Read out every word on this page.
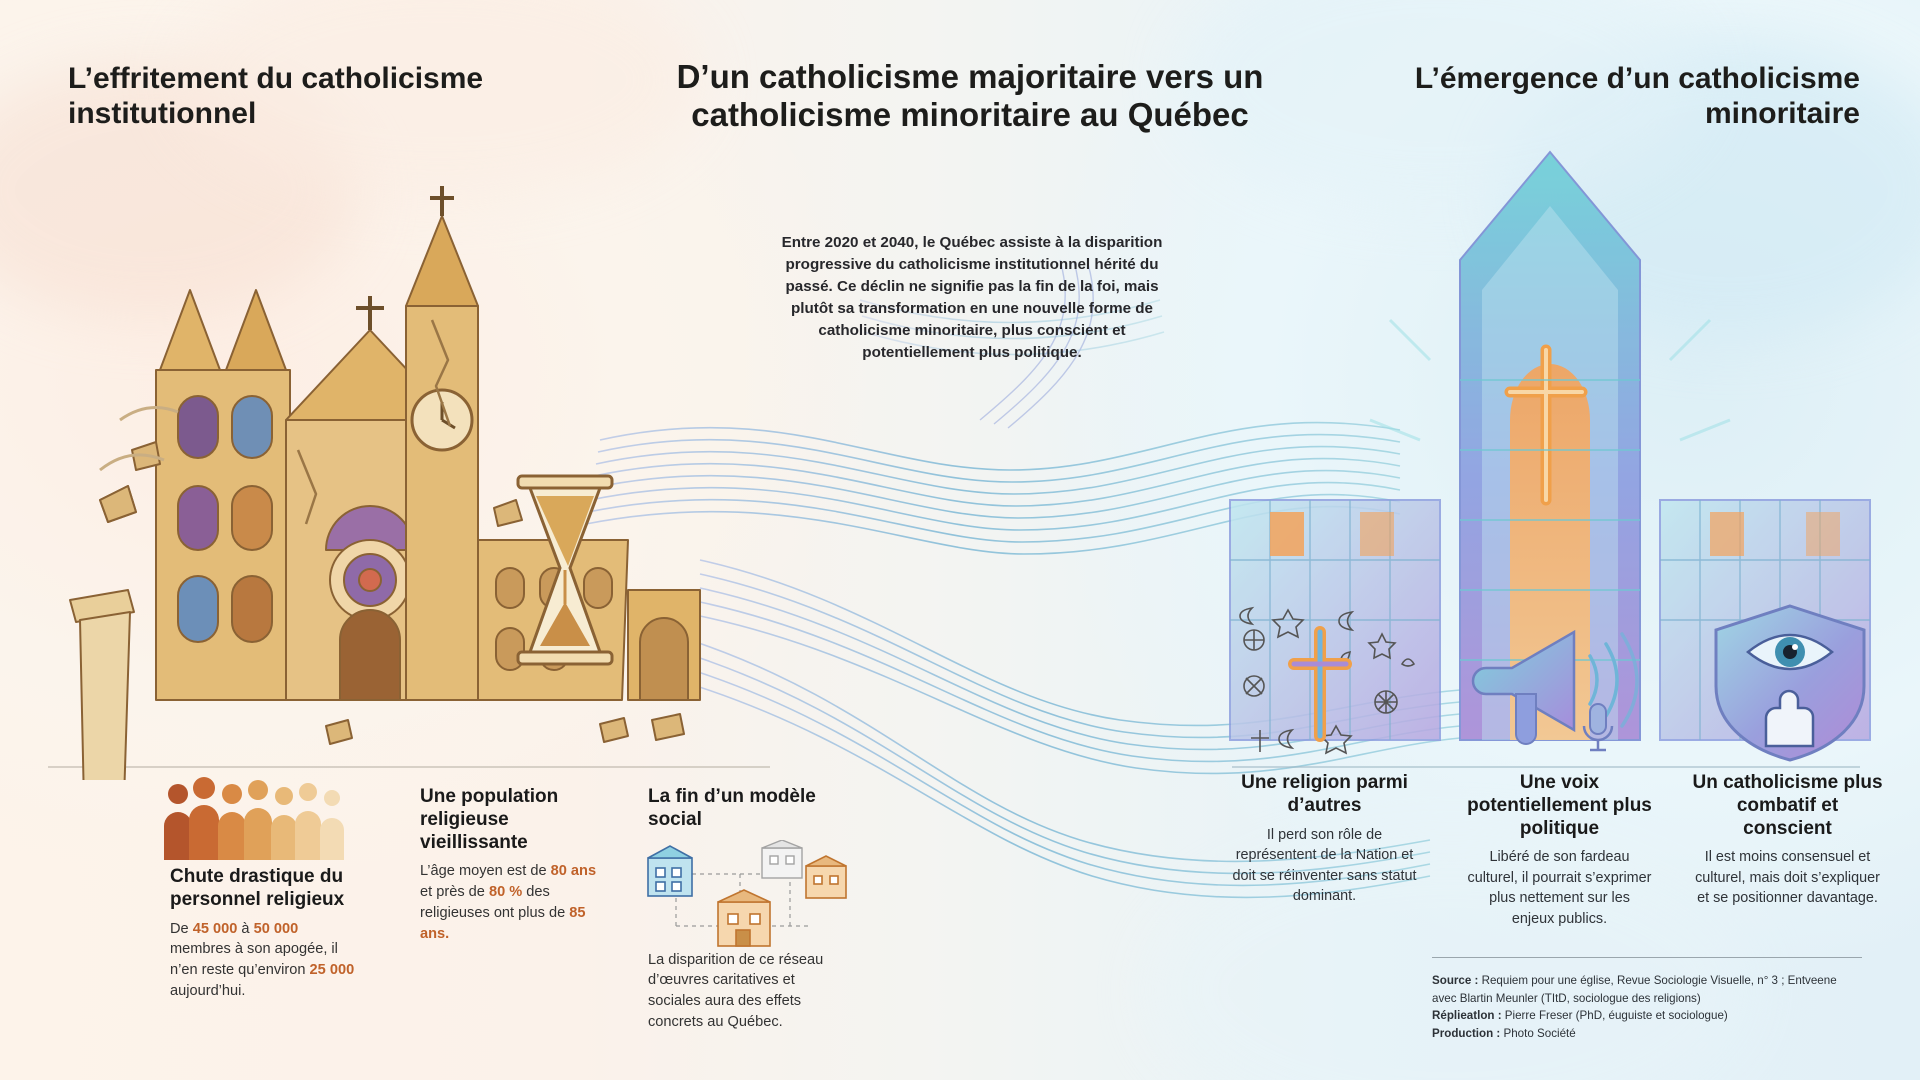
L’effritement du catholicisme institutionnel
D’un catholicisme majoritaire vers un catholicisme minoritaire au Québec
L’émergence d’un catholicisme minoritaire
Entre 2020 et 2040, le Québec assiste à la disparition progressive du catholicisme institutionnel hérité du passé. Ce déclin ne signifie pas la fin de la foi, mais plutôt sa transformation en une nouvelle forme de catholicisme minoritaire, plus conscient et potentiellement plus politique.
Chute drastique du personnel religieux
De 45 000 à 50 000 membres à son apogée, il n’en reste qu’environ 25 000 aujourd’hui.
Une population religieuse vieillissante
L’âge moyen est de 80 ans et près de 80 % des religieuses ont plus de 85 ans.
La fin d’un modèle social
La disparition de ce réseau d’œuvres caritatives et sociales aura des effets concrets au Québec.
Une religion parmi d’autres
Il perd son rôle de représentent de la Nation et doit se réinventer sans statut dominant.
Une voix potentiellement plus politique
Libéré de son fardeau culturel, il pourrait s’exprimer plus nettement sur les enjeux publics.
Un catholicisme plus combatif et conscient
Il est moins consensuel et culturel, mais doit s’expliquer et se positionner davantage.
Source : Requiem pour une église, Revue Sociologie Visuelle, n° 3 ; Entveene avec Blartin Meunler (TItD, sociologue des religions)
Réplieatlon : Pierre Freser (PhD, éuguiste et sociologue)
Production : Photo Société
